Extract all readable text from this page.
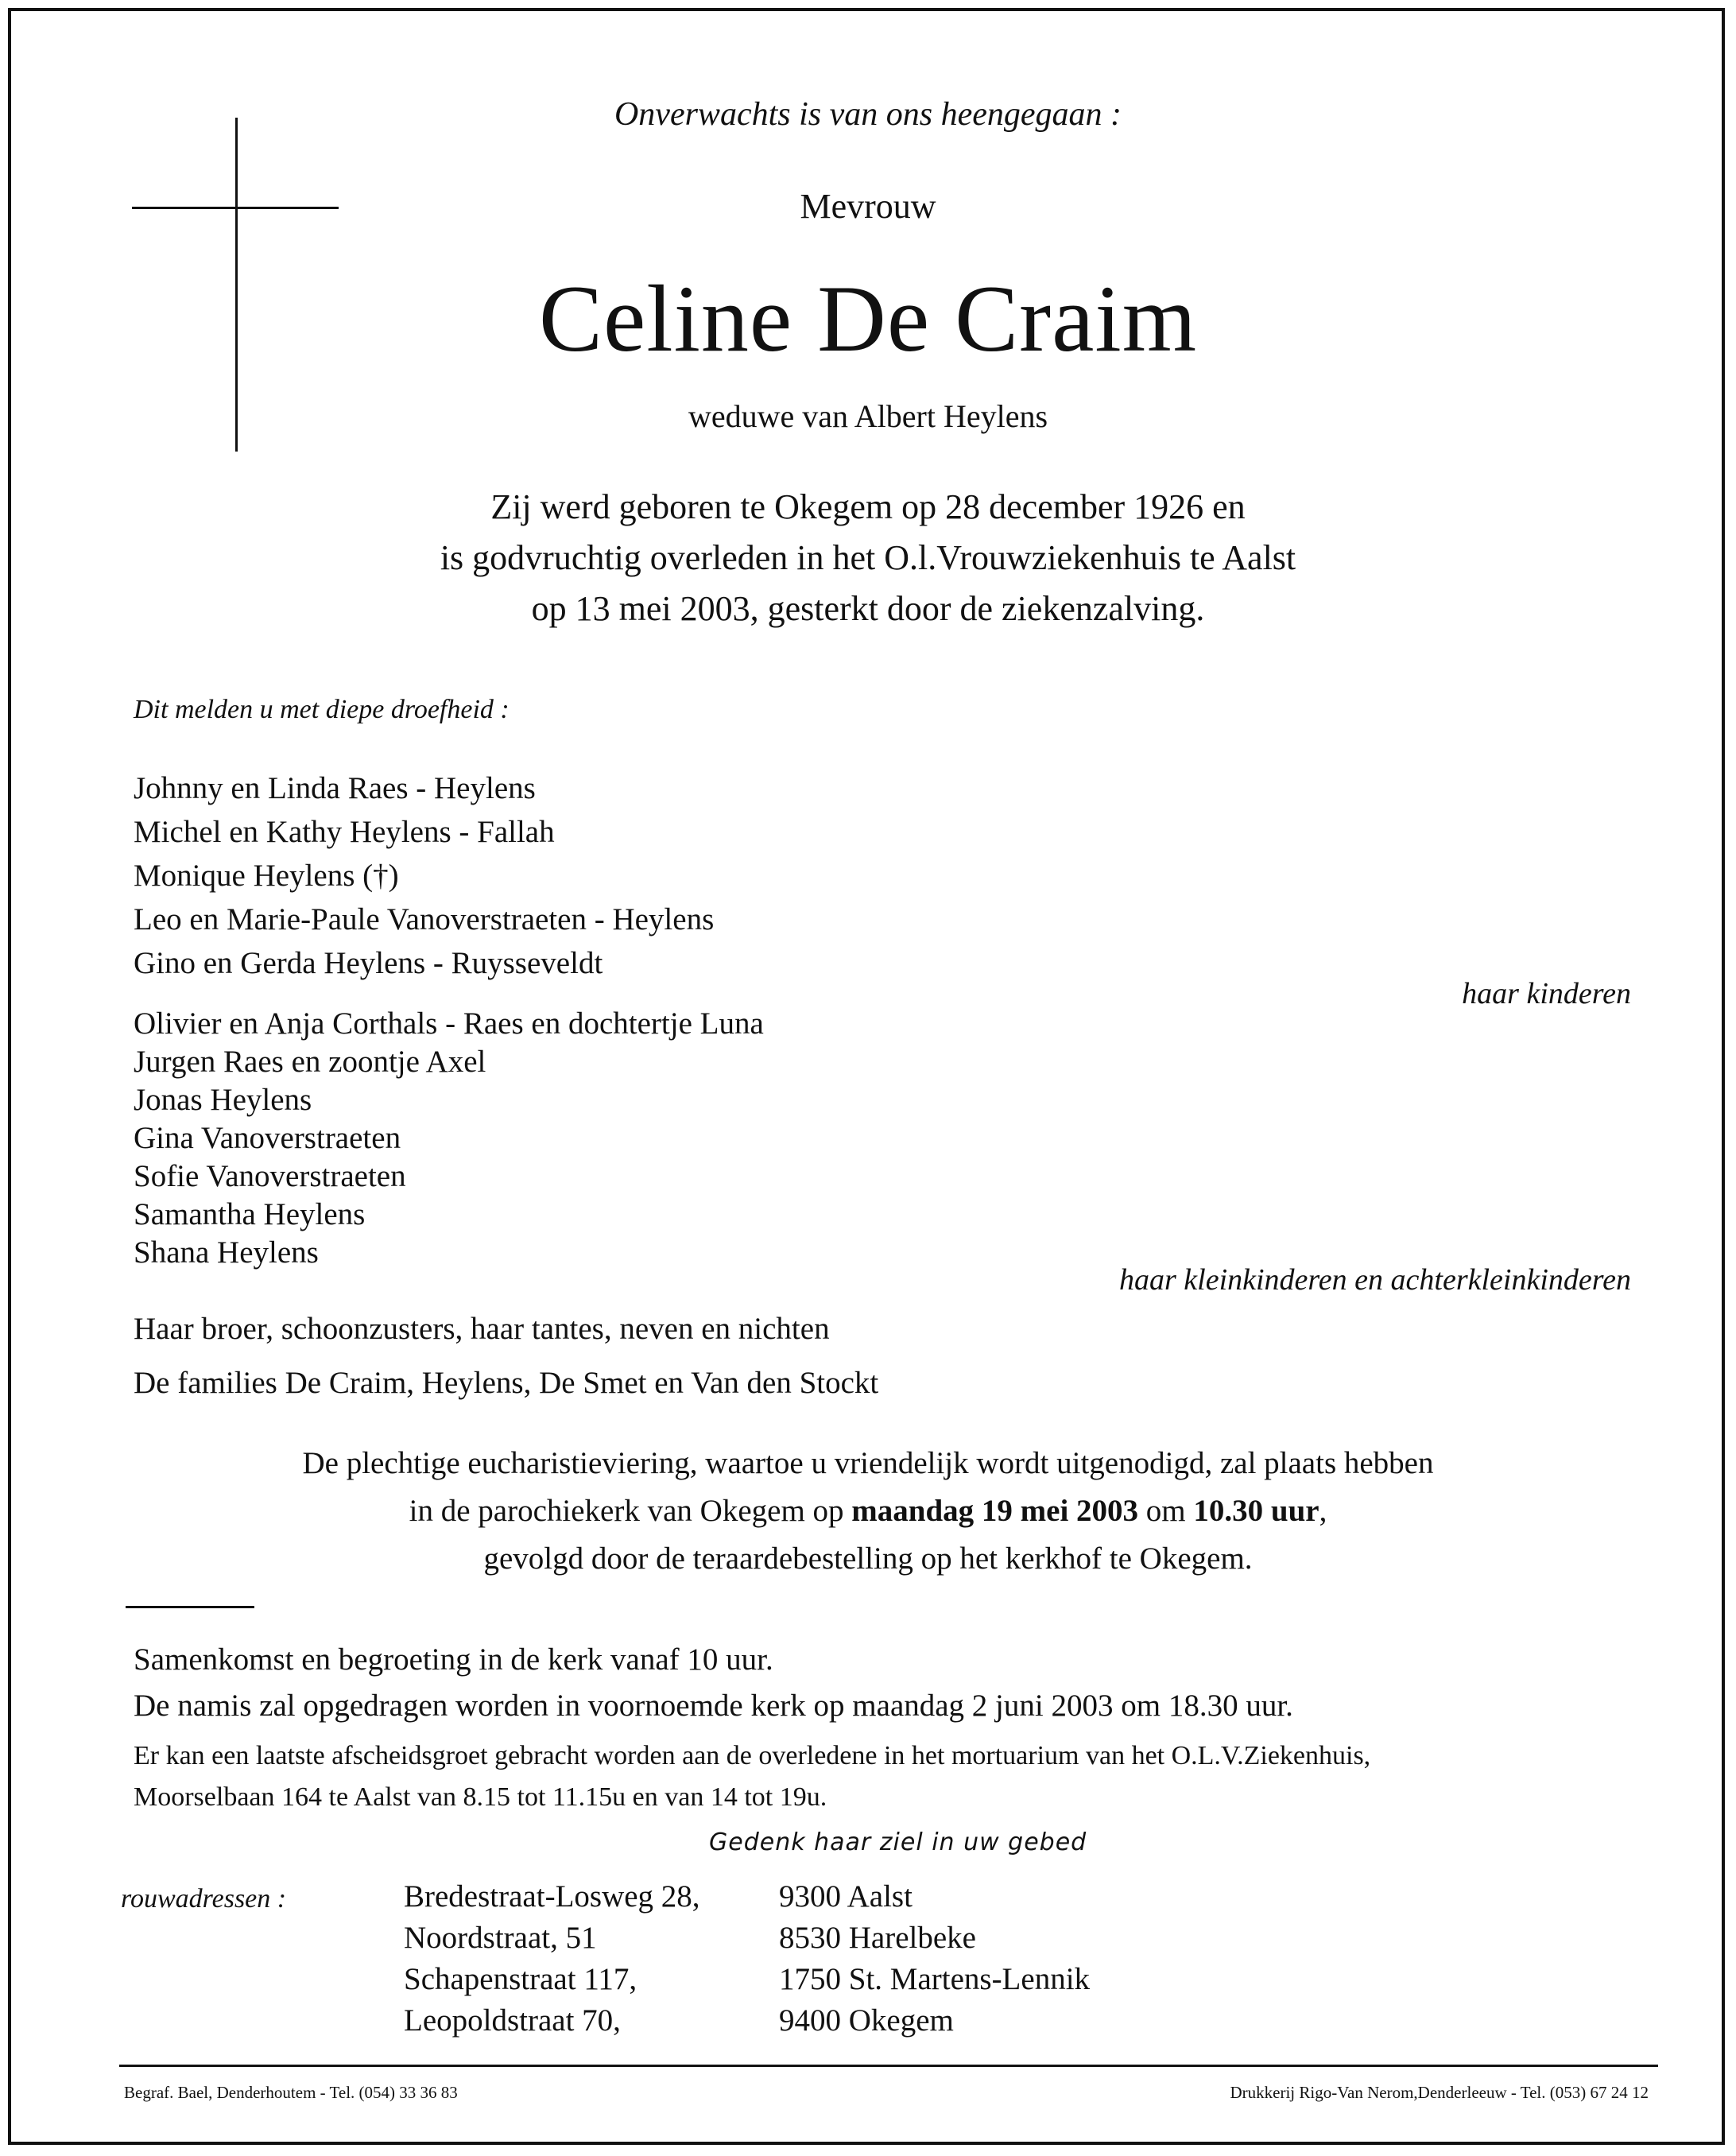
Onverwachts is van ons heengegaan :
Mevrouw
Celine De Craim
weduwe van Albert Heylens
Zij werd geboren te Okegem op 28 december 1926 en
is godvruchtig overleden in het O.l.Vrouwziekenhuis te Aalst
op 13 mei 2003, gesterkt door de ziekenzalving.
Dit melden u met diepe droefheid :
Johnny en Linda Raes - Heylens
Michel en Kathy Heylens - Fallah
Monique Heylens (†)
Leo en Marie-Paule Vanoverstraeten - Heylens
Gino en Gerda Heylens - Ruysseveldt
haar kinderen
Olivier en Anja Corthals - Raes en dochtertje Luna
Jurgen Raes en zoontje Axel
Jonas Heylens
Gina Vanoverstraeten
Sofie Vanoverstraeten
Samantha Heylens
Shana Heylens
haar kleinkinderen en achterkleinkinderen
Haar broer, schoonzusters, haar tantes, neven en nichten
De families De Craim, Heylens, De Smet en Van den Stockt
De plechtige eucharistieviering, waartoe u vriendelijk wordt uitgenodigd, zal plaats hebben
in de parochiekerk van Okegem op maandag 19 mei 2003 om 10.30 uur,
gevolgd door de teraardebestelling op het kerkhof te Okegem.
Samenkomst en begroeting in de kerk vanaf 10 uur.
De namis zal opgedragen worden in voornoemde kerk op maandag 2 juni 2003 om 18.30 uur.
Er kan een laatste afscheidsgroet gebracht worden aan de overledene in het mortuarium van het O.L.V.Ziekenhuis,
Moorselbaan 164 te Aalst van 8.15 tot 11.15u en van 14 tot 19u.
Gedenk haar ziel in uw gebed
rouwadressen :	Bredestraat-Losweg 28,	9300 Aalst
Noordstraat, 51	8530 Harelbeke
Schapenstraat 117,	1750 St. Martens-Lennik
Leopoldstraat 70,	9400 Okegem
Begraf. Bael, Denderhoutem - Tel. (054) 33 36 83	Drukkerij Rigo-Van Nerom,Denderleeuw - Tel. (053) 67 24 12
